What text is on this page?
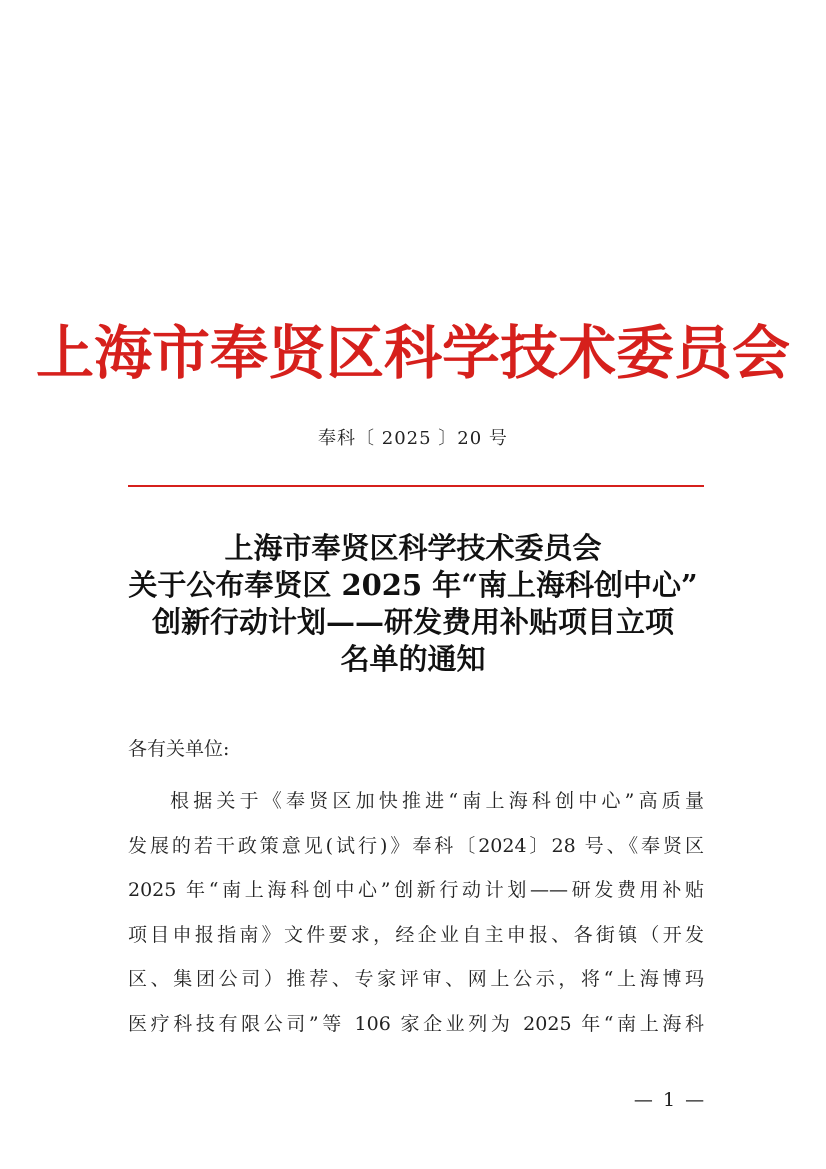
上海市奉贤区科学技术委员会
奉科〔 2025 〕20 号
上海市奉贤区科学技术委员会
关于公布奉贤区 2025 年“南上海科创中心”
创新行动计划——研发费用补贴项目立项
名单的通知
各有关单位:
根据关于《奉贤区加快推进“南上海科创中心”高质量
发展的若干政策意见(试行)》奉科〔2024〕28 号、《奉贤区
2025 年“南上海科创中心”创新行动计划——研发费用补贴
项目申报指南》文件要求，经企业自主申报、各街镇（开发
区、集团公司）推荐、专家评审、网上公示，将“上海博玛
医疗科技有限公司”等 106 家企业列为 2025 年“南上海科
— 1 —
